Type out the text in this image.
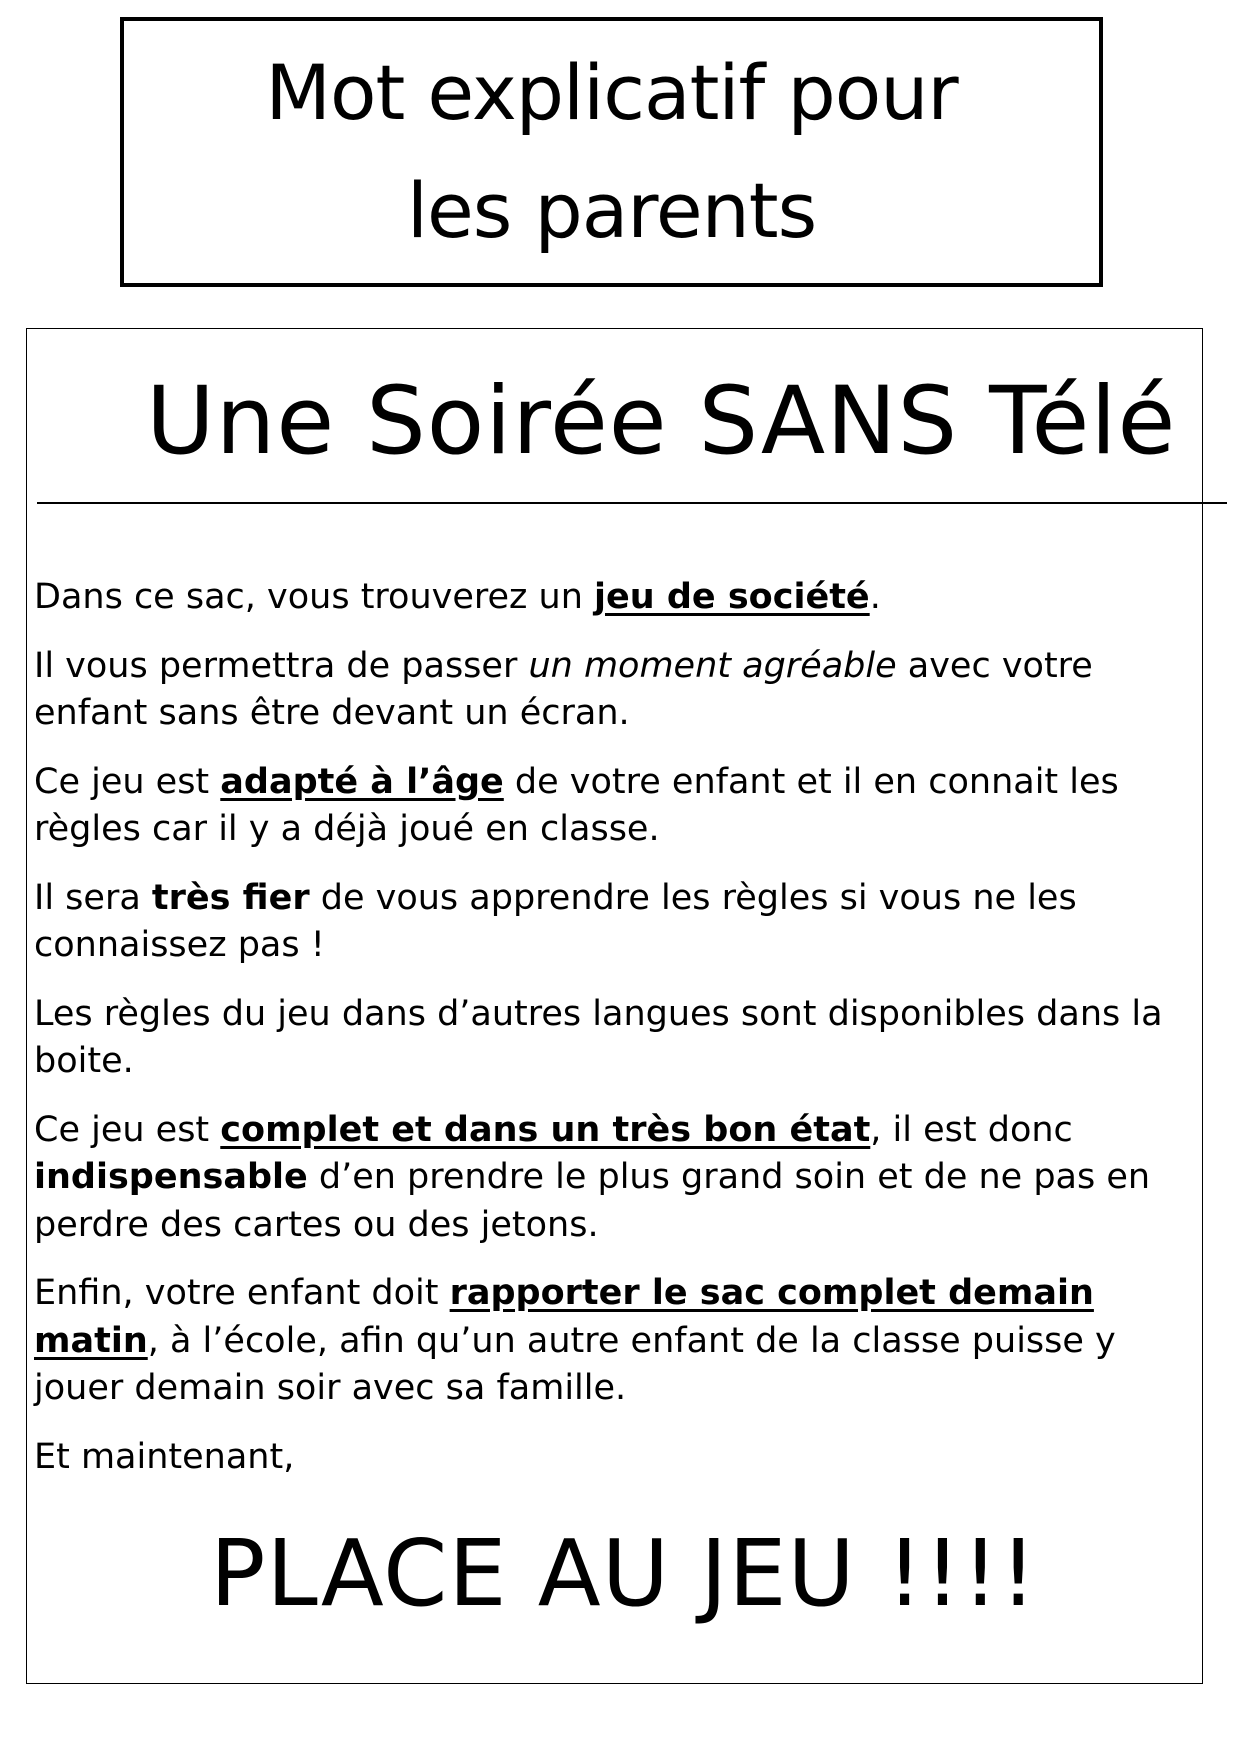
Mot explicatif pour
les parents
Une Soirée SANS Télé

Dans ce sac, vous trouverez un jeu de société.

Il vous permettra de passer un moment agréable avec votre enfant sans être devant un écran.

Ce jeu est adapté à l’âge de votre enfant et il en connait les règles car il y a déjà joué en classe.

Il sera très fier de vous apprendre les règles si vous ne les connaissez pas !

Les règles du jeu dans d’autres langues sont disponibles dans la boite.

Ce jeu est complet et dans un très bon état, il est donc indispensable d’en prendre le plus grand soin et de ne pas en perdre des cartes ou des jetons.

Enfin, votre enfant doit rapporter le sac complet demain matin, à l’école, afin qu’un autre enfant de la classe puisse y jouer demain soir avec sa famille.

Et maintenant,

PLACE AU JEU !!!!
